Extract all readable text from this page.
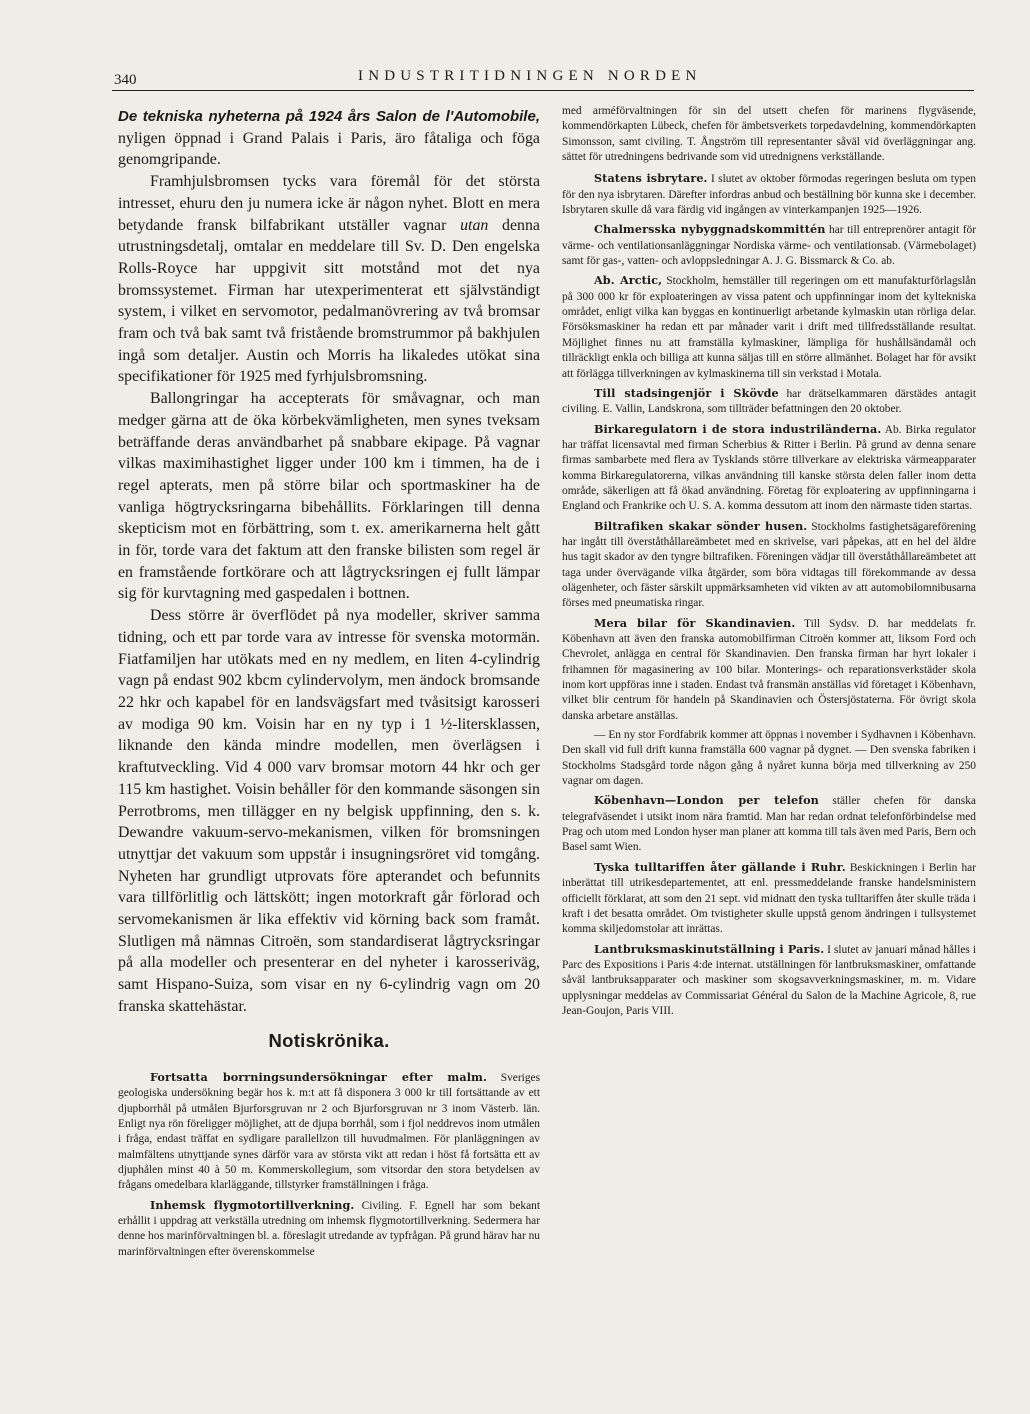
340	INDUSTRITIDNINGEN NORDEN

De tekniska nyheterna på 1924 års Salon de l'Automobile, nyligen öppnad i Grand Palais i Paris, äro fåtaliga och föga genomgripande.

Framhjulsbromsen tycks vara föremål för det största intresset, ehuru den ju numera icke är någon nyhet. Blott en mera betydande fransk bilfabrikant utställer vagnar utan denna utrustningsdetalj, omtalar en meddelare till Sv. D. Den engelska Rolls-Royce har uppgivit sitt motstånd mot det nya bromssystemet. Firman har utexperimenterat ett självständigt system, i vilket en servomotor, pedalmanövrering av två bromsar fram och två bak samt två fristående bromstrummor på bakhjulen ingå som detaljer. Austin och Morris ha likaledes utökat sina specifikationer för 1925 med fyrhjulsbromsning.

Ballongringar ha accepterats för småvagnar, och man medger gärna att de öka körbekvämligheten, men synes tveksam beträffande deras användbarhet på snabbare ekipage. På vagnar vilkas maximihastighet ligger under 100 km i timmen, ha de i regel apterats, men på större bilar och sportmaskiner ha de vanliga högtrycksringarna bibehållits. Förklaringen till denna skepticism mot en förbättring, som t. ex. amerikarnerna helt gått in för, torde vara det faktum att den franske bilisten som regel är en framstående fortkörare och att lågtrycksringen ej fullt lämpar sig för kurvtagning med gaspedalen i bottnen.

Dess större är överflödet på nya modeller, skriver samma tidning, och ett par torde vara av intresse för svenska motormän. Fiatfamiljen har utökats med en ny medlem, en liten 4-cylindrig vagn på endast 902 kbcm cylindervolym, men ändock bromsande 22 hkr och kapabel för en landsvägsfart med tvåsitsigt karosseri av modiga 90 km. Voisin har en ny typ i 1 ½-litersklassen, liknande den kända mindre modellen, men överlägsen i kraftutveckling. Vid 4 000 varv bromsar motorn 44 hkr och ger 115 km hastighet. Voisin behåller för den kommande säsongen sin Perrotbroms, men tillägger en ny belgisk uppfinning, den s. k. Dewandre vakuum-servo-mekanismen, vilken för bromsningen utnyttjar det vakuum som uppstår i insugningsröret vid tomgång. Nyheten har grundligt utprovats före apterandet och befunnits vara tillförlitlig och lättskött; ingen motorkraft går förlorad och servomekanismen är lika effektiv vid körning back som framåt. Slutligen må nämnas Citroën, som standardiserat lågtrycksringar på alla modeller och presenterar en del nyheter i karosseriväg, samt Hispano-Suiza, som visar en ny 6-cylindrig vagn om 20 franska skattehästar.

Notiskrönika.

Fortsatta borrningsundersökningar efter malm. Sveriges geologiska undersökning begär hos k. m:t att få disponera 3 000 kr till fortsättande av ett djupborrhål på utmålen Bjurforsgruvan nr 2 och Bjurforsgruvan nr 3 inom Västerb. län. Enligt nya rön föreligger möjlighet, att de djupa borrhål, som i fjol neddrevos inom utmålen i fråga, endast träffat en sydligare parallellzon till huvudmalmen. För planläggningen av malmfältens utnyttjande synes därför vara av största vikt att redan i höst få fortsätta ett av djuphålen minst 40 à 50 m. Kommerskollegium, som vitsordar den stora betydelsen av frågans omedelbara klarläggande, tillstyrker framställningen i fråga.

Inhemsk flygmotortillverkning. Civiling. F. Egnell har som bekant erhållit i uppdrag att verkställa utredning om inhemsk flygmotortillverkning. Sedermera har denne hos marinförvaltningen bl. a. föreslagit utredande av typfrågan. På grund härav har nu marinförvaltningen efter överenskommelse

med arméförvaltningen för sin del utsett chefen för marinens flygväsende, kommendörkapten Lübeck, chefen för ämbetsverkets torpedavdelning, kommendörkapten Simonsson, samt civiling. T. Ångström till representanter såväl vid överläggningar ang. sättet för utredningens bedrivande som vid utrednignens verkställande.

Statens isbrytare. I slutet av oktober förmodas regeringen besluta om typen för den nya isbrytaren. Därefter infordras anbud och beställning bör kunna ske i december. Isbrytaren skulle då vara färdig vid ingången av vinterkampanjen 1925—1926.

Chalmersska nybyggnadskommittén har till entreprenörer antagit för värme- och ventilationsanläggningar Nordiska värme- och ventilationsab. (Värmebolaget) samt för gas-, vatten- och avloppsledningar A. J. G. Bissmarck & Co. ab.

Ab. Arctic, Stockholm, hemställer till regeringen om ett manufakturförlagslån på 300 000 kr för exploateringen av vissa patent och uppfinningar inom det kyltekniska området, enligt vilka kan byggas en kontinuerligt arbetande kylmaskin utan rörliga delar. Försöksmaskiner ha redan ett par månader varit i drift med tillfredsställande resultat. Möjlighet finnes nu att framställa kylmaskiner, lämpliga för hushållsändamål och tillräckligt enkla och billiga att kunna säljas till en större allmänhet. Bolaget har för avsikt att förlägga tillverkningen av kylmaskinerna till sin verkstad i Motala.

Till stadsingenjör i Skövde har drätselkammaren därstädes antagit civiling. E. Vallin, Landskrona, som tillträder befattningen den 20 oktober.

Birkaregulatorn i de stora industriländerna. Ab. Birka regulator har träffat licensavtal med firman Scherbius & Ritter i Berlin. På grund av denna senare firmas sambarbete med flera av Tysklands större tillverkare av elektriska värmeapparater komma Birkaregulatorerna, vilkas användning till kanske största delen faller inom detta område, säkerligen att få ökad användning. Företag för exploatering av uppfinningarna i England och Frankrike och U. S. A. komma dessutom att inom den närmaste tiden startas.

Biltrafiken skakar sönder husen. Stockholms fastighetsägareförening har ingått till överståthållareämbetet med en skrivelse, vari påpekas, att en hel del äldre hus tagit skador av den tyngre biltrafiken. Föreningen vädjar till överståthållareämbetet att taga under övervägande vilka åtgärder, som böra vidtagas till förekommande av dessa olägenheter, och fäster särskilt uppmärksamheten vid vikten av att automobilomnibusarna förses med pneumatiska ringar.

Mera bilar för Skandinavien. Till Sydsv. D. har meddelats fr. Köbenhavn att även den franska automobilfirman Citroën kommer att, liksom Ford och Chevrolet, anlägga en central för Skandinavien. Den franska firman har hyrt lokaler i frihamnen för magasinering av 100 bilar. Monterings- och reparationsverkstäder skola inom kort uppföras inne i staden. Endast två fransmän anställas vid företaget i Köbenhavn, vilket blir centrum för handeln på Skandinavien och Östersjöstaterna. För övrigt skola danska arbetare anställas.

— En ny stor Fordfabrik kommer att öppnas i november i Sydhavnen i Köbenhavn. Den skall vid full drift kunna framställa 600 vagnar på dygnet. — Den svenska fabriken i Stockholms Stadsgård torde någon gång å nyåret kunna börja med tillverkning av 250 vagnar om dagen.

Köbenhavn—London per telefon ställer chefen för danska telegrafväsendet i utsikt inom nära framtid. Man har redan ordnat telefonförbindelse med Prag och utom med London hyser man planer att komma till tals även med Paris, Bern och Basel samt Wien.

Tyska tulltariffen åter gällande i Ruhr. Beskickningen i Berlin har inberättat till utrikesdepartementet, att enl. pressmeddelande franske handelsministern officiellt förklarat, att som den 21 sept. vid midnatt den tyska tulltariffen åter skulle träda i kraft i det besatta området. Om tvistigheter skulle uppstå genom ändringen i tullsystemet komma skiljedomstolar att inrättas.

Lantbruksmaskinutställning i Paris. I slutet av januari månad hålles i Parc des Expositions i Paris 4:de internat. utställningen för lantbruksmaskiner, omfattande såväl lantbruksapparater och maskiner som skogsavverkningsmaskiner, m. m. Vidare upplysningar meddelas av Commissariat Général du Salon de la Machine Agricole, 8, rue Jean-Goujon, Paris VIII.
